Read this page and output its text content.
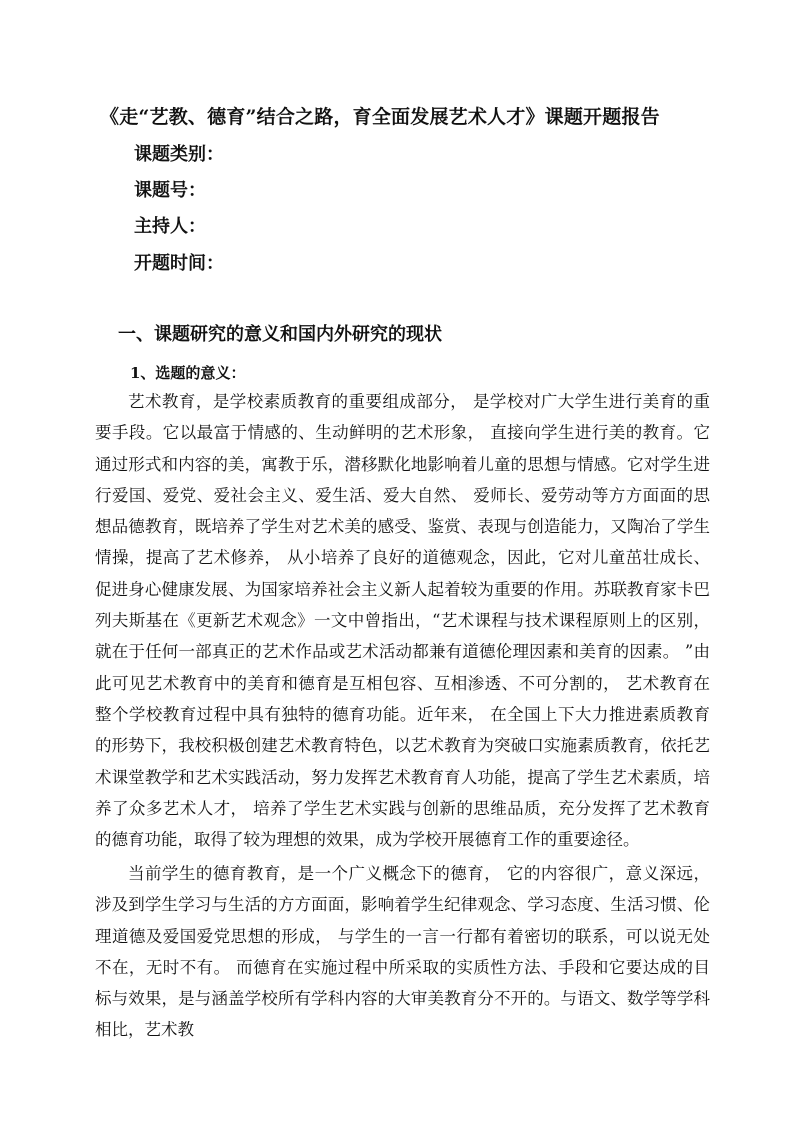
《走“艺教、德育”结合之路，育全面发展艺术人才》课题开题报告
课题类别：
课题号：
主持人：
开题时间：
一、课题研究的意义和国内外研究的现状
1、选题的意义：

艺术教育，是学校素质教育的重要组成部分， 是学校对广大学生进行美育的重要手段。它以最富于情感的、生动鲜明的艺术形象， 直接向学生进行美的教育。它通过形式和内容的美，寓教于乐，潜移默化地影响着儿童的思想与情感。它对学生进行爱国、爱党、爱社会主义、爱生活、爱大自然、 爱师长、爱劳动等方方面面的思想品德教育，既培养了学生对艺术美的感受、鉴赏、表现与创造能力，又陶冶了学生情操，提高了艺术修养， 从小培养了良好的道德观念，因此，它对儿童茁壮成长、促进身心健康发展、为国家培养社会主义新人起着较为重要的作用。苏联教育家卡巴列夫斯基在《更新艺术观念》一文中曾指出，“艺术课程与技术课程原则上的区别， 就在于任何一部真正的艺术作品或艺术活动都兼有道德伦理因素和美育的因素。 ”由此可见艺术教育中的美育和德育是互相包容、互相渗透、不可分割的， 艺术教育在整个学校教育过程中具有独特的德育功能。近年来， 在全国上下大力推进素质教育的形势下，我校积极创建艺术教育特色，以艺术教育为突破口实施素质教育，依托艺术课堂教学和艺术实践活动，努力发挥艺术教育育人功能，提高了学生艺术素质，培养了众多艺术人才， 培养了学生艺术实践与创新的思维品质，充分发挥了艺术教育的德育功能，取得了较为理想的效果，成为学校开展德育工作的重要途径。

当前学生的德育教育，是一个广义概念下的德育， 它的内容很广，意义深远，涉及到学生学习与生活的方方面面，影响着学生纪律观念、学习态度、生活习惯、伦理道德及爱国爱党思想的形成， 与学生的一言一行都有着密切的联系，可以说无处不在，无时不有。 而德育在实施过程中所采取的实质性方法、手段和它要达成的目标与效果，是与涵盖学校所有学科内容的大审美教育分不开的。与语文、数学等学科相比，艺术教
